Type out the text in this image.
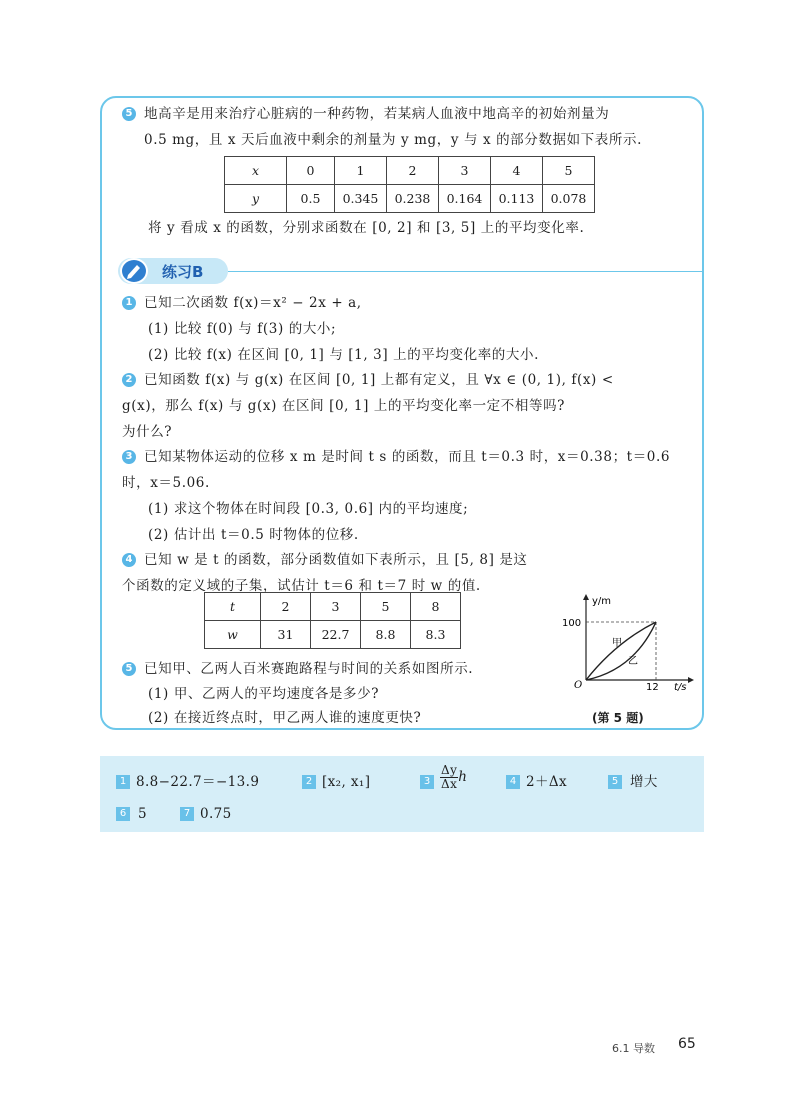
5 地高辛是用来治疗心脏病的一种药物，若某病人血液中地高辛的初始剂量为
0.5 mg，且 x 天后血液中剩余的剂量为 y mg，y 与 x 的部分数据如下表所示.
x	0	1	2	3	4	5
y	0.5	0.345	0.238	0.164	0.113	0.078
将 y 看成 x 的函数，分别求函数在 [0, 2] 和 [3, 5] 上的平均变化率.
练习B
1 已知二次函数 f(x)＝x² − 2x + a,
(1) 比较 f(0) 与 f(3) 的大小;
(2) 比较 f(x) 在区间 [0, 1] 与 [1, 3] 上的平均变化率的大小.
2 已知函数 f(x) 与 g(x) 在区间 [0, 1] 上都有定义，且 ∀x ∈ (0, 1), f(x) <
g(x)，那么 f(x) 与 g(x) 在区间 [0, 1] 上的平均变化率一定不相等吗?
为什么?
3 已知某物体运动的位移 x m 是时间 t s 的函数，而且 t＝0.3 时，x＝0.38；t＝0.6
时，x＝5.06.
(1) 求这个物体在时间段 [0.3, 0.6] 内的平均速度;
(2) 估计出 t＝0.5 时物体的位移.
4 已知 w 是 t 的函数，部分函数值如下表所示，且 [5, 8] 是这
个函数的定义域的子集，试估计 t＝6 和 t＝7 时 w 的值.
t	2	3	5	8
w	31	22.7	8.8	8.3
5 已知甲、乙两人百米赛跑路程与时间的关系如图所示.
(1) 甲、乙两人的平均速度各是多少?
(2) 在接近终点时，甲乙两人谁的速度更快?
y/m
t/s
100
12
O
甲
乙
(第 5 题)
1 8.8−22.7＝−13.9	2 [x₂, x₁]	$3 \frac{\Delta y}{\Delta x}$ h	4 2＋Δx	5 增大
6 5	7 0.75
6.1 导数 65
